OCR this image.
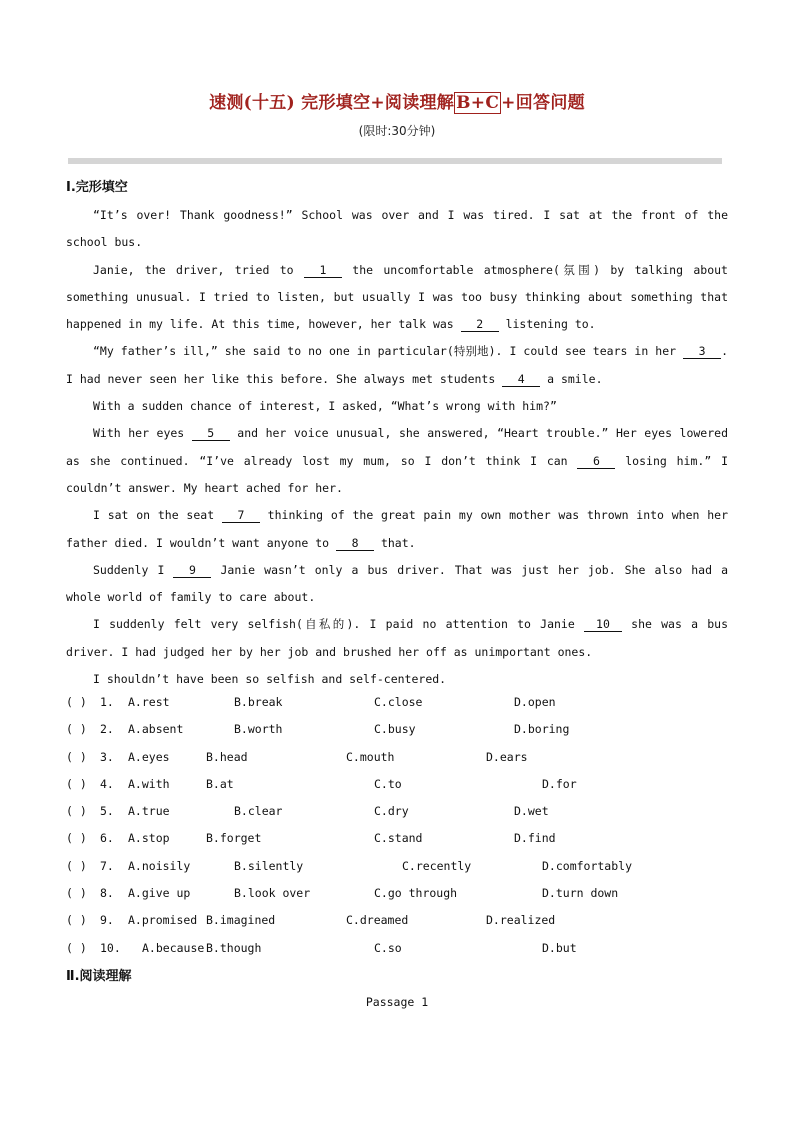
速测(十五) 完形填空+阅读理解 B+C +回答问题
(限时:30分钟)
Ⅰ.完形填空

“It’s over! Thank goodness!” School was over and I was tired. I sat at the front of the school bus.

Janie, the driver, tried to 1 the uncomfortable atmosphere(氛围) by talking about something unusual. I tried to listen, but usually I was too busy thinking about something that happened in my life. At this time, however, her talk was 2 listening to.

“My father’s ill,” she said to no one in particular(特别地). I could see tears in her 3 . I had never seen her like this before. She always met students 4 a smile.

With a sudden chance of interest, I asked, “What’s wrong with him?”

With her eyes 5 and her voice unusual, she answered, “Heart trouble.” Her eyes lowered as she continued. “I’ve already lost my mum, so I don’t think I can 6 losing him.” I couldn’t answer. My heart ached for her.

I sat on the seat 7 thinking of the great pain my own mother was thrown into when her father died. I wouldn’t want anyone to 8 that.

Suddenly I 9 Janie wasn’t only a bus driver. That was just her job. She also had a whole world of family to care about.

I suddenly felt very selfish(自私的). I paid no attention to Janie 10 she was a bus driver. I had judged her by her job and brushed her off as unimportant ones.

I shouldn’t have been so selfish and self-centered.

( ) 1. A.rest	B.break	C.close	D.open
( ) 2. A.absent	B.worth	C.busy	D.boring
( ) 3. A.eyes	B.head	C.mouth	D.ears
( ) 4. A.with	B.at	C.to	D.for
( ) 5. A.true	B.clear	C.dry	D.wet
( ) 6. A.stop	B.forget	C.stand	D.find
( ) 7. A.noisily	B.silently	C.recently	D.comfortably
( ) 8. A.give up	B.look over	C.go through	D.turn down
( ) 9. A.promised B.imagined	C.dreamed	D.realized
( ) 10. A.because B.though	C.so	D.but
Ⅱ.阅读理解
Passage 1
